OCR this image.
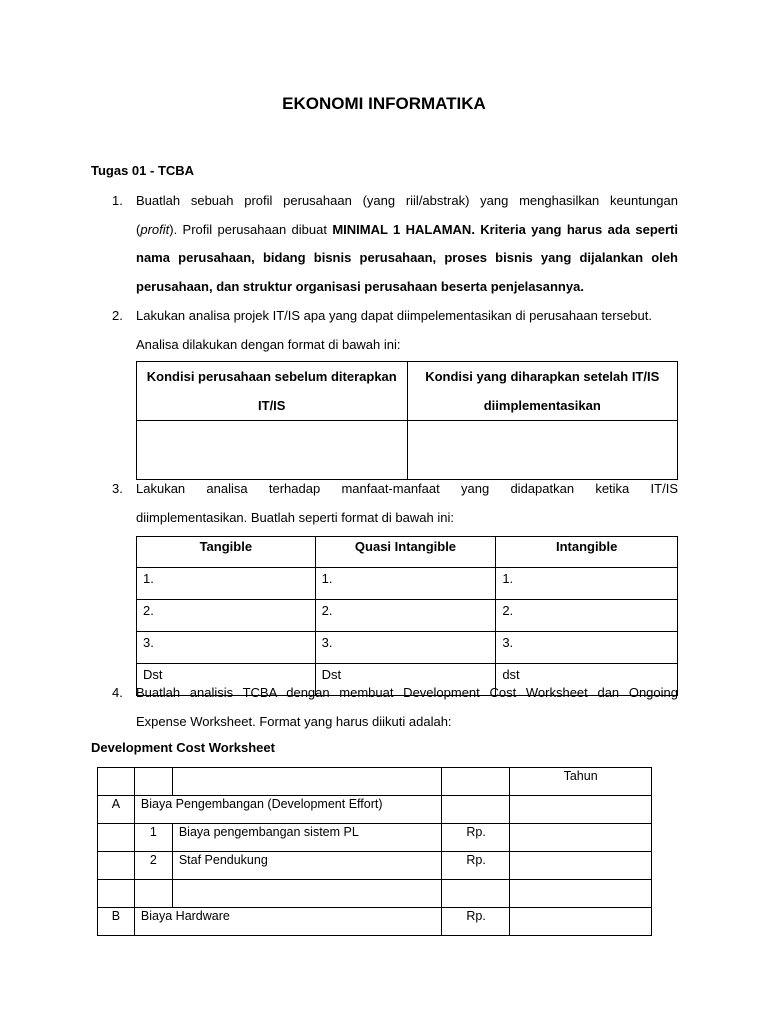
EKONOMI INFORMATIKA
Tugas 01 - TCBA
1. Buatlah sebuah profil perusahaan (yang riil/abstrak) yang menghasilkan keuntungan
(profit). Profil perusahaan dibuat MINIMAL 1 HALAMAN. Kriteria yang harus ada seperti
nama perusahaan, bidang bisnis perusahaan, proses bisnis yang dijalankan oleh
perusahaan, dan struktur organisasi perusahaan beserta penjelasannya.
2. Lakukan analisa projek IT/IS apa yang dapat diimpelementasikan di perusahaan tersebut.
Analisa dilakukan dengan format di bawah ini:
Kondisi perusahaan sebelum diterapkan
IT/IS	Kondisi yang diharapkan setelah IT/IS
diimplementasikan

3. Lakukan analisa terhadap manfaat-manfaat yang didapatkan ketika IT/IS
diimplementasikan. Buatlah seperti format di bawah ini:
Tangible	Quasi Intangible	Intangible
1.	1.	1.
2.	2.	2.
3.	3.	3.
Dst	Dst	dst
4. Buatlah analisis TCBA dengan membuat Development Cost Worksheet dan Ongoing
Expense Worksheet. Format yang harus diikuti adalah:
Development Cost Worksheet
				Tahun
A	Biaya Pengembangan (Development Effort)			
	1	Biaya pengembangan sistem PL	Rp.	
	2	Staf Pendukung	Rp.	

B	Biaya Hardware		Rp.	
